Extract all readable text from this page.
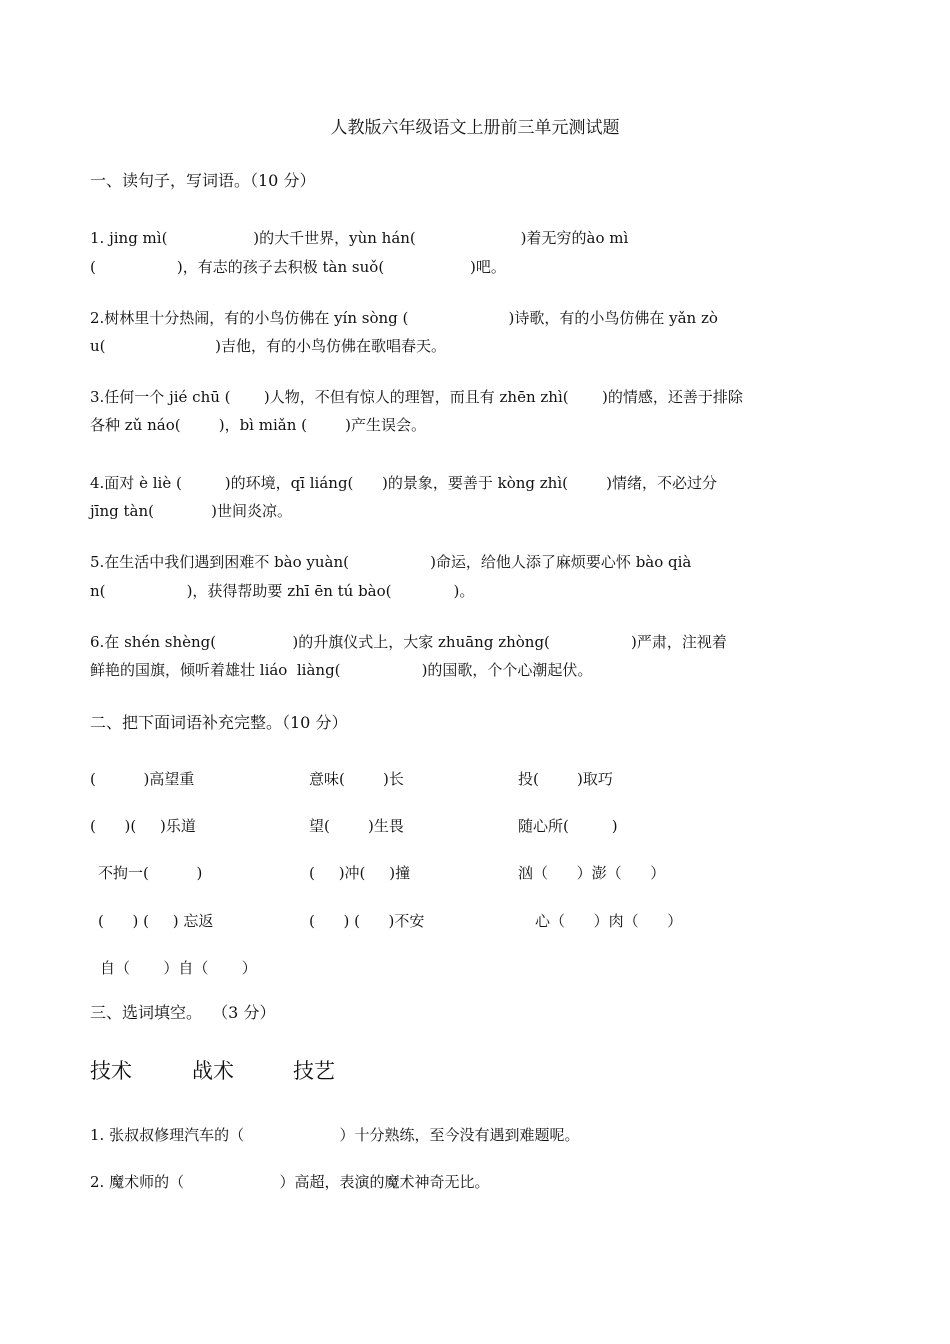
人教版六年级语文上册前三单元测试题
一、读句子，写词语。（10 分）
1. jing mì(                  )的大千世界，yùn hán(                      )着无穷的ào mì
(                 )，有志的孩子去积极 tàn suǒ(                  )吧。
2.树林里十分热闹，有的小鸟仿佛在 yín sòng (                     )诗歌，有的小鸟仿佛在 yǎn zò
u(                       )吉他，有的小鸟仿佛在歌唱春天。
3.任何一个 jié chū (       )人物，不但有惊人的理智，而且有 zhēn zhì(       )的情感，还善于排除
各种 zǔ náo(        )，bì miǎn (        )产生误会。
4.面对 è liè (         )的环境，qī liáng(      )的景象，要善于 kòng zhì(        )情绪，不必过分
jīng tàn(            )世间炎凉。
5.在生活中我们遇到困难不 bào yuàn(                 )命运，给他人添了麻烦要心怀 bào qià
n(                 )，获得帮助要 zhī ēn tú bào(             )。
6.在 shén shèng(                )的升旗仪式上，大家 zhuāng zhòng(                 )严肃，注视着
鲜艳的国旗，倾听着雄壮 liáo  liàng(                 )的国歌，个个心潮起伏。
二、把下面词语补充完整。（10 分）
(          )高望重	意味(        )长	投(        )取巧
(      )(     )乐道	望(        )生畏	随心所(         )
不拘一(          )	(     )冲(     )撞	汹（      ）澎（      ）
(      ) (     ) 忘返	(      ) (      )不安	心（      ）肉（      ）
自（       ）自（       ）
三、选词填空。  （3 分）
技术	战术	技艺
1. 张叔叔修理汽车的（                    ）十分熟练，至今没有遇到难题呢。
2. 魔术师的（                    ）高超，表演的魔术神奇无比。
